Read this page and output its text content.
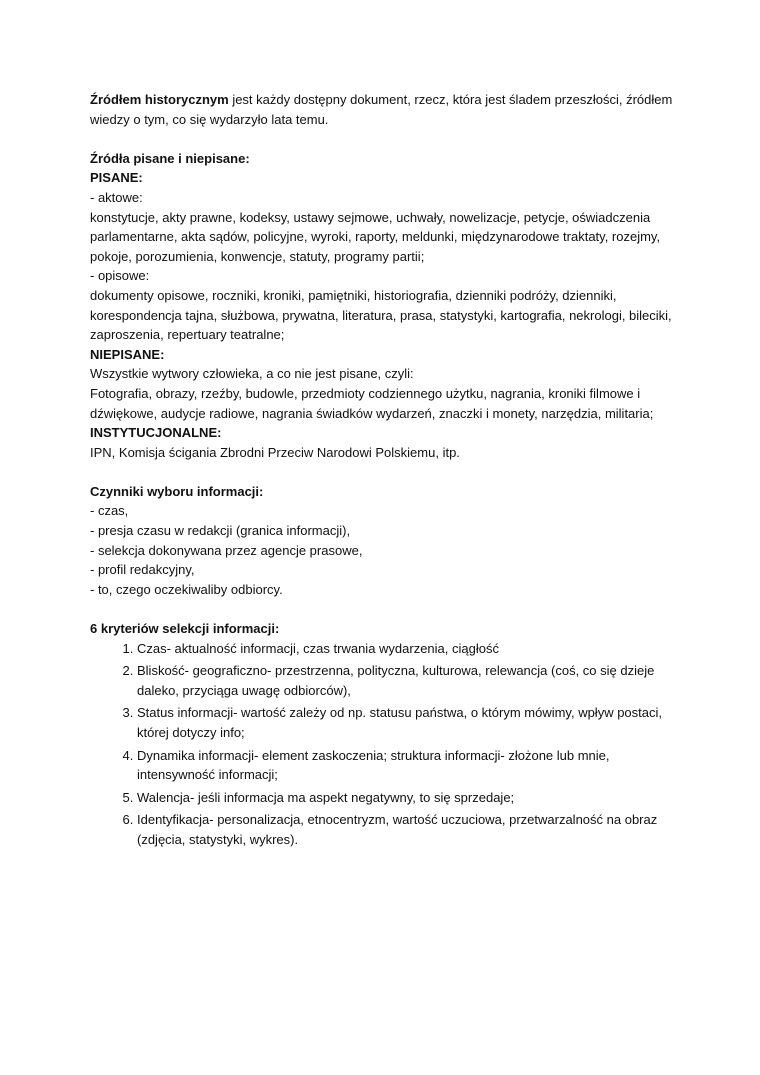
Źródłem historycznym jest każdy dostępny dokument, rzecz, która jest śladem przeszłości, źródłem wiedzy o tym, co się wydarzyło lata temu.

Źródła pisane i niepisane:

PISANE:

- aktowe:

konstytucje, akty prawne, kodeksy, ustawy sejmowe, uchwały, nowelizacje, petycje, oświadczenia parlamentarne, akta sądów, policyjne, wyroki, raporty, meldunki, międzynarodowe traktaty, rozejmy, pokoje, porozumienia, konwencje, statuty, programy partii;

- opisowe:

dokumenty opisowe, roczniki, kroniki, pamiętniki, historiografia, dzienniki podróży, dzienniki, korespondencja tajna, służbowa, prywatna, literatura, prasa, statystyki, kartografia, nekrologi, bileciki, zaproszenia, repertuary teatralne;

NIEPISANE:

Wszystkie wytwory człowieka, a co nie jest pisane, czyli:

Fotografia, obrazy, rzeźby, budowle, przedmioty codziennego użytku, nagrania, kroniki filmowe i dźwiękowe, audycje radiowe, nagrania świadków wydarzeń, znaczki i monety, narzędzia, militaria;

INSTYTUCJONALNE:

IPN, Komisja ścigania Zbrodni Przeciw Narodowi Polskiemu, itp.

Czynniki wyboru informacji:

- czas,

- presja czasu w redakcji (granica informacji),

- selekcja dokonywana przez agencje prasowe,

- profil redakcyjny,

- to, czego oczekiwaliby odbiorcy.

6 kryteriów selekcji informacji:

1. Czas- aktualność informacji, czas trwania wydarzenia, ciągłość
2. Bliskość- geograficzno- przestrzenna, polityczna, kulturowa, relewancja (coś, co się dzieje daleko, przyciąga uwagę odbiorców),
3. Status informacji- wartość zależy od np. statusu państwa, o którym mówimy, wpływ postaci, której dotyczy info;
4. Dynamika informacji- element zaskoczenia; struktura informacji- złożone lub mnie, intensywność informacji;
5. Walencja- jeśli informacja ma aspekt negatywny, to się sprzedaje;
6. Identyfikacja- personalizacja, etnocentryzm, wartość uczuciowa, przetwarzalność na obraz (zdjęcia, statystyki, wykres).
